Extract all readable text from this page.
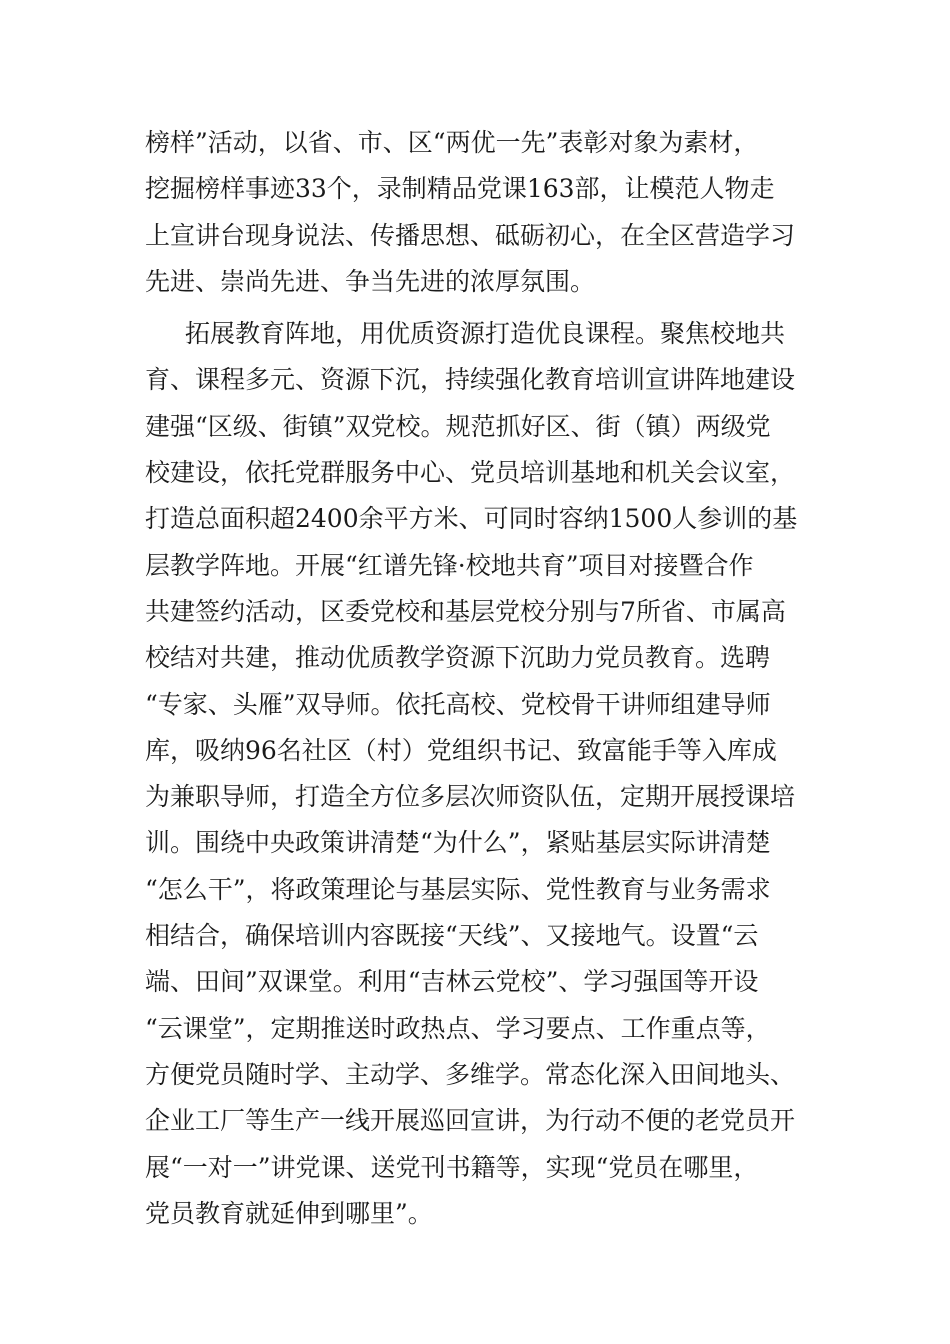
榜样”活动，以省、市、区“两优一先”表彰对象为素材，
挖掘榜样事迹33个，录制精品党课163部，让模范人物走
上宣讲台现身说法、传播思想、砥砺初心，在全区营造学习
先进、崇尚先进、争当先进的浓厚氛围。
拓展教育阵地，用优质资源打造优良课程。聚焦校地共
育、课程多元、资源下沉，持续强化教育培训宣讲阵地建设
建强“区级、街镇”双党校。规范抓好区、街（镇）两级党
校建设，依托党群服务中心、党员培训基地和机关会议室，
打造总面积超2400余平方米、可同时容纳1500人参训的基
层教学阵地。开展“红谱先锋·校地共育”项目对接暨合作
共建签约活动，区委党校和基层党校分别与7所省、市属高
校结对共建，推动优质教学资源下沉助力党员教育。选聘
“专家、头雁”双导师。依托高校、党校骨干讲师组建导师
库，吸纳96名社区（村）党组织书记、致富能手等入库成
为兼职导师，打造全方位多层次师资队伍，定期开展授课培
训。围绕中央政策讲清楚“为什么”，紧贴基层实际讲清楚
“怎么干”，将政策理论与基层实际、党性教育与业务需求
相结合，确保培训内容既接“天线”、又接地气。设置“云
端、田间”双课堂。利用“吉林云党校”、学习强国等开设
“云课堂”，定期推送时政热点、学习要点、工作重点等，
方便党员随时学、主动学、多维学。常态化深入田间地头、
企业工厂等生产一线开展巡回宣讲，为行动不便的老党员开
展“一对一”讲党课、送党刊书籍等，实现“党员在哪里，
党员教育就延伸到哪里”。
